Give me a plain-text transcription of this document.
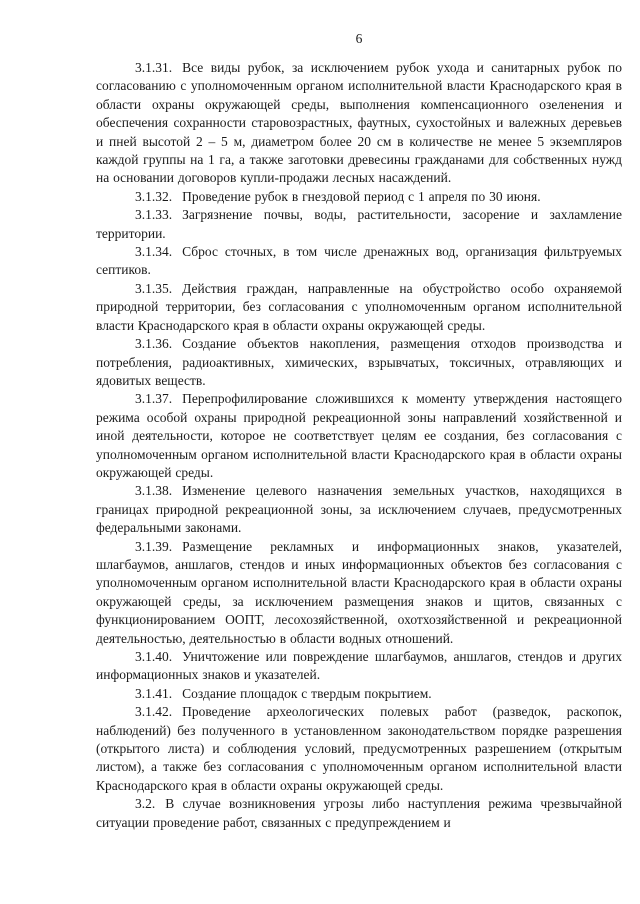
6

3.1.31. Все виды рубок, за исключением рубок ухода и санитарных рубок по согласованию с уполномоченным органом исполнительной власти Краснодарского края в области охраны окружающей среды, выполнения компенсационного озеленения и обеспечения сохранности старовозрастных, фаутных, сухостойных и валежных деревьев и пней высотой 2 – 5 м, диаметром более 20 см в количестве не менее 5 экземпляров каждой группы на 1 га, а также заготовки древесины гражданами для собственных нужд на основании договоров купли-продажи лесных насаждений.

3.1.32. Проведение рубок в гнездовой период с 1 апреля по 30 июня.

3.1.33. Загрязнение почвы, воды, растительности, засорение и захламление территории.

3.1.34. Сброс сточных, в том числе дренажных вод, организация фильтруемых септиков.

3.1.35. Действия граждан, направленные на обустройство особо охраняемой природной территории, без согласования с уполномоченным органом исполнительной власти Краснодарского края в области охраны окружающей среды.

3.1.36. Создание объектов накопления, размещения отходов производства и потребления, радиоактивных, химических, взрывчатых, токсичных, отравляющих и ядовитых веществ.

3.1.37. Перепрофилирование сложившихся к моменту утверждения настоящего режима особой охраны природной рекреационной зоны направлений хозяйственной и иной деятельности, которое не соответствует целям ее создания, без согласования с уполномоченным органом исполнительной власти Краснодарского края в области охраны окружающей среды.

3.1.38. Изменение целевого назначения земельных участков, находящихся в границах природной рекреационной зоны, за исключением случаев, предусмотренных федеральными законами.

3.1.39. Размещение рекламных и информационных знаков, указателей, шлагбаумов, аншлагов, стендов и иных информационных объектов без согласования с уполномоченным органом исполнительной власти Краснодарского края в области охраны окружающей среды, за исключением размещения знаков и щитов, связанных с функционированием ООПТ, лесохозяйственной, охотхозяйственной и рекреационной деятельностью, деятельностью в области водных отношений.

3.1.40. Уничтожение или повреждение шлагбаумов, аншлагов, стендов и других информационных знаков и указателей.

3.1.41. Создание площадок с твердым покрытием.

3.1.42. Проведение археологических полевых работ (разведок, раскопок, наблюдений) без полученного в установленном законодательством порядке разрешения (открытого листа) и соблюдения условий, предусмотренных разрешением (открытым листом), а также без согласования с уполномоченным органом исполнительной власти Краснодарского края в области охраны окружающей среды.

3.2. В случае возникновения угрозы либо наступления режима чрезвычайной ситуации проведение работ, связанных с предупреждением и
